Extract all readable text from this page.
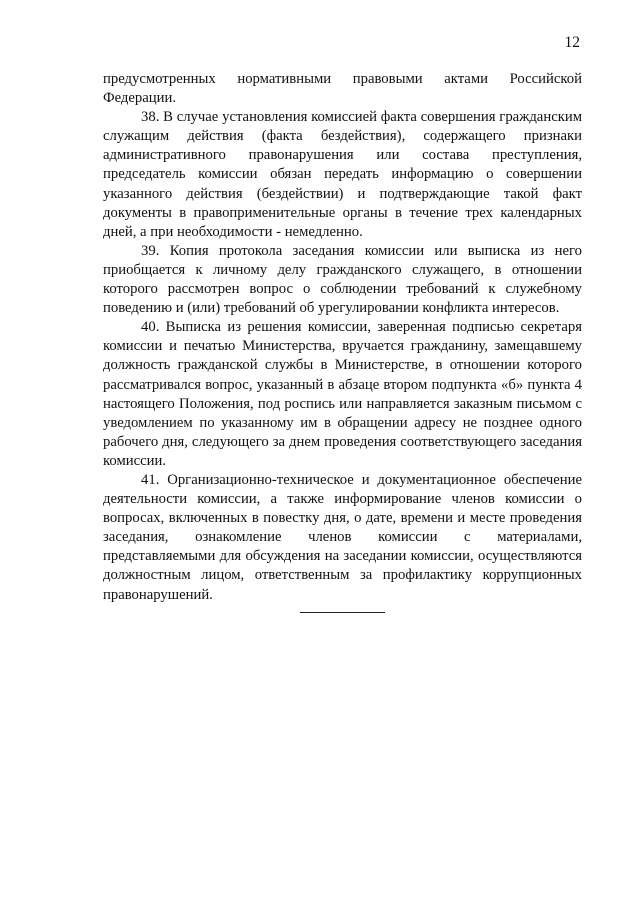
12

предусмотренных нормативными правовыми актами Российской Федерации.

38. В случае установления комиссией факта совершения гражданским служащим действия (факта бездействия), содержащего признаки административного правонарушения или состава преступления, председатель комиссии обязан передать информацию о совершении указанного действия (бездействии) и подтверждающие такой факт документы в правоприменительные органы в течение трех календарных дней, а при необходимости - немедленно.

39. Копия протокола заседания комиссии или выписка из него приобщается к личному делу гражданского служащего, в отношении которого рассмотрен вопрос о соблюдении требований к служебному поведению и (или) требований об урегулировании конфликта интересов.

40. Выписка из решения комиссии, заверенная подписью секретаря комиссии и печатью Министерства, вручается гражданину, замещавшему должность гражданской службы в Министерстве, в отношении которого рассматривался вопрос, указанный в абзаце втором подпункта «б» пункта 4 настоящего Положения, под роспись или направляется заказным письмом с уведомлением по указанному им в обращении адресу не позднее одного рабочего дня, следующего за днем проведения соответствующего заседания комиссии.

41. Организационно-техническое и документационное обеспечение деятельности комиссии, а также информирование членов комиссии о вопросах, включенных в повестку дня, о дате, времени и месте проведения заседания, ознакомление членов комиссии с материалами, представляемыми для обсуждения на заседании комиссии, осуществляются должностным лицом, ответственным за профилактику коррупционных правонарушений.
